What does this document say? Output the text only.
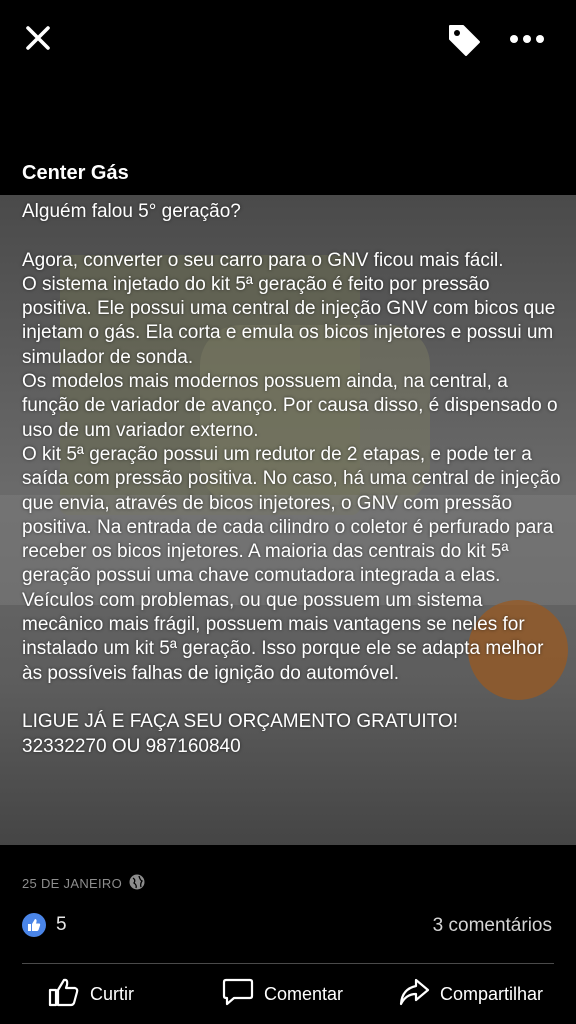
Center Gás
Alguém falou 5° geração?

Agora, converter o seu carro para o GNV ficou mais fácil.
O sistema injetado do kit 5ª geração é feito por pressão positiva. Ele possui uma central de injeção GNV com bicos que injetam o gás. Ela corta e emula os bicos injetores e possui um simulador de sonda.
Os modelos mais modernos possuem ainda, na central, a função de variador de avanço. Por causa disso, é dispensado o uso de um variador externo.
O kit 5ª geração possui um redutor de 2 etapas, e pode ter a saída com pressão positiva. No caso, há uma central de injeção que envia, através de bicos injetores, o GNV com pressão positiva. Na entrada de cada cilindro o coletor é perfurado para receber os bicos injetores. A maioria das centrais do kit 5ª geração possui uma chave comutadora integrada a elas.
Veículos com problemas, ou que possuem um sistema mecânico mais frágil, possuem mais vantagens se neles for instalado um kit 5ª geração. Isso porque ele se adapta melhor às possíveis falhas de ignição do automóvel.

LIGUE JÁ E FAÇA SEU ORÇAMENTO GRATUITO!
32332270 OU 987160840
25 DE JANEIRO
5	3 comentários
Curtir	Comentar	Compartilhar
